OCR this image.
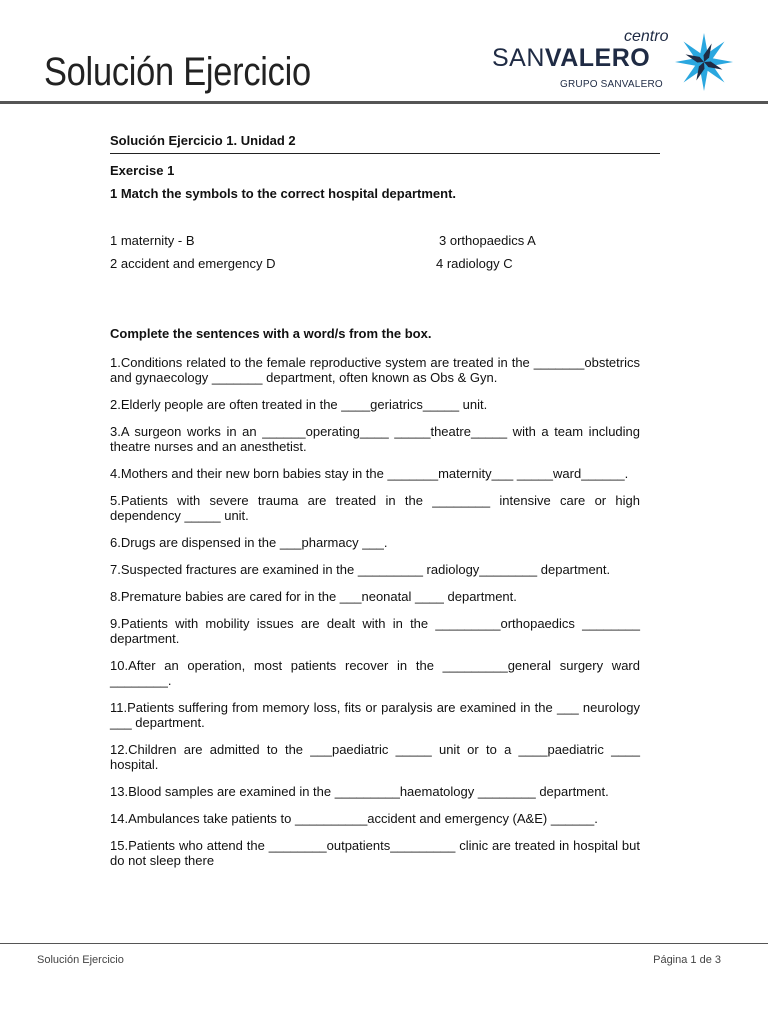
Solución Ejercicio
centro
SANVALERO
GRUPO SANVALERO
Solución Ejercicio 1. Unidad 2
Exercise 1
1 Match the symbols to the correct hospital department.
1 maternity - B	3 orthopaedics A
2 accident and emergency D	4 radiology C
Complete the sentences with a word/s from the box.
1.Conditions related to the female reproductive system are treated in the _______obstetrics and gynaecology _______ department, often known as Obs & Gyn.
2.Elderly people are often treated in the ____geriatrics_____ unit.
3.A surgeon works in an ______operating____ _____theatre_____ with a team including theatre nurses and an anesthetist.
4.Mothers and their new born babies stay in the _______maternity___ _____ward______.
5.Patients with severe trauma are treated in the ________ intensive care or high dependency _____ unit.
6.Drugs are dispensed in the ___pharmacy ___.
7.Suspected fractures are examined in the _________ radiology________ department.
8.Premature babies are cared for in the ___neonatal ____ department.
9.Patients with mobility issues are dealt with in the _________orthopaedics ________ department.
10.After an operation, most patients recover in the _________general surgery ward ________.
11.Patients suffering from memory loss, fits or paralysis are examined in the ___ neurology ___ department.
12.Children are admitted to the ___paediatric _____ unit or to a ____paediatric ____ hospital.
13.Blood samples are examined in the _________haematology ________ department.
14.Ambulances take patients to __________accident and emergency (A&E) ______.
15.Patients who attend the ________outpatients_________ clinic are treated in hospital but do not sleep there
Solución Ejercicio	Página 1 de 3
